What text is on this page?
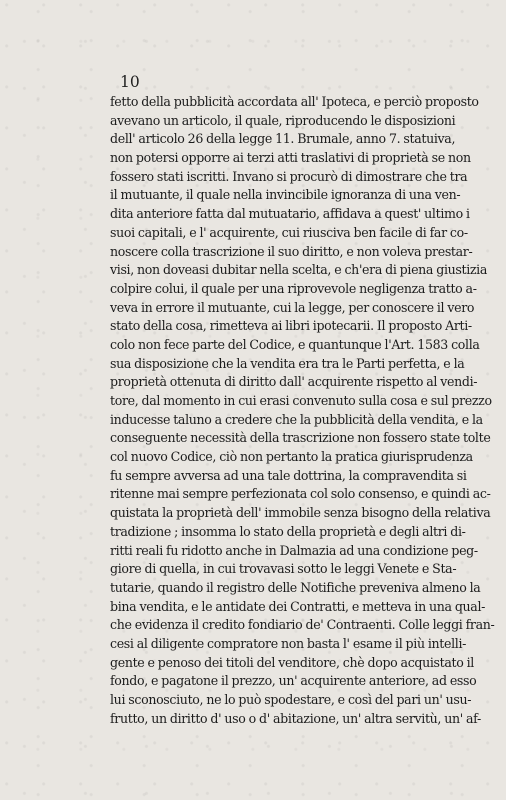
10
fetto della pubblicità accordata all' Ipoteca, e perciò proposto
avevano un articolo, il quale, riproducendo le disposizioni
dell' articolo 26 della legge 11. Brumale, anno 7. statuiva,
non potersi opporre ai terzi atti traslativi di proprietà se non
fossero stati iscritti. Invano si procurò di dimostrare che tra
il mutuante, il quale nella invincibile ignoranza di una ven-
dita anteriore fatta dal mutuatario, affidava a quest' ultimo i
suoi capitali, e l' acquirente, cui riusciva ben facile di far co-
noscere colla trascrizione il suo diritto, e non voleva prestar-
visi, non doveasi dubitar nella scelta, e ch'era di piena giustizia
colpire colui, il quale per una riprovevole negligenza tratto a-
veva in errore il mutuante, cui la legge, per conoscere il vero
stato della cosa, rimetteva ai libri ipotecarii. Il proposto Arti-
colo non fece parte del Codice, e quantunque l'Art. 1583 colla
sua disposizione che la vendita era tra le Parti perfetta, e la
proprietà ottenuta di diritto dall' acquirente rispetto al vendi-
tore, dal momento in cui erasi convenuto sulla cosa e sul prezzo
inducesse taluno a credere che la pubblicità della vendita, e la
conseguente necessità della trascrizione non fossero state tolte
col nuovo Codice, ciò non pertanto la pratica giurisprudenza
fu sempre avversa ad una tale dottrina, la compravendita si
ritenne mai sempre perfezionata col solo consenso, e quindi ac-
quistata la proprietà dell' immobile senza bisogno della relativa
tradizione ; insomma lo stato della proprietà e degli altri di-
ritti reali fu ridotto anche in Dalmazia ad una condizione peg-
giore di quella, in cui trovavasi sotto le leggi Venete e Sta-
tutarie, quando il registro delle Notifiche preveniva almeno la
bina vendita, e le antidate dei Contratti, e metteva in una qual-
che evidenza il credito fondiario de' Contraenti. Colle leggi fran-
cesi al diligente compratore non basta l' esame il più intelli-
gente e penoso dei titoli del venditore, chè dopo acquistato il
fondo, e pagatone il prezzo, un' acquirente anteriore, ad esso
lui sconosciuto, ne lo può spodestare, e così del pari un' usu-
frutto, un diritto d' uso o d' abitazione, un' altra servitù, un' af-
